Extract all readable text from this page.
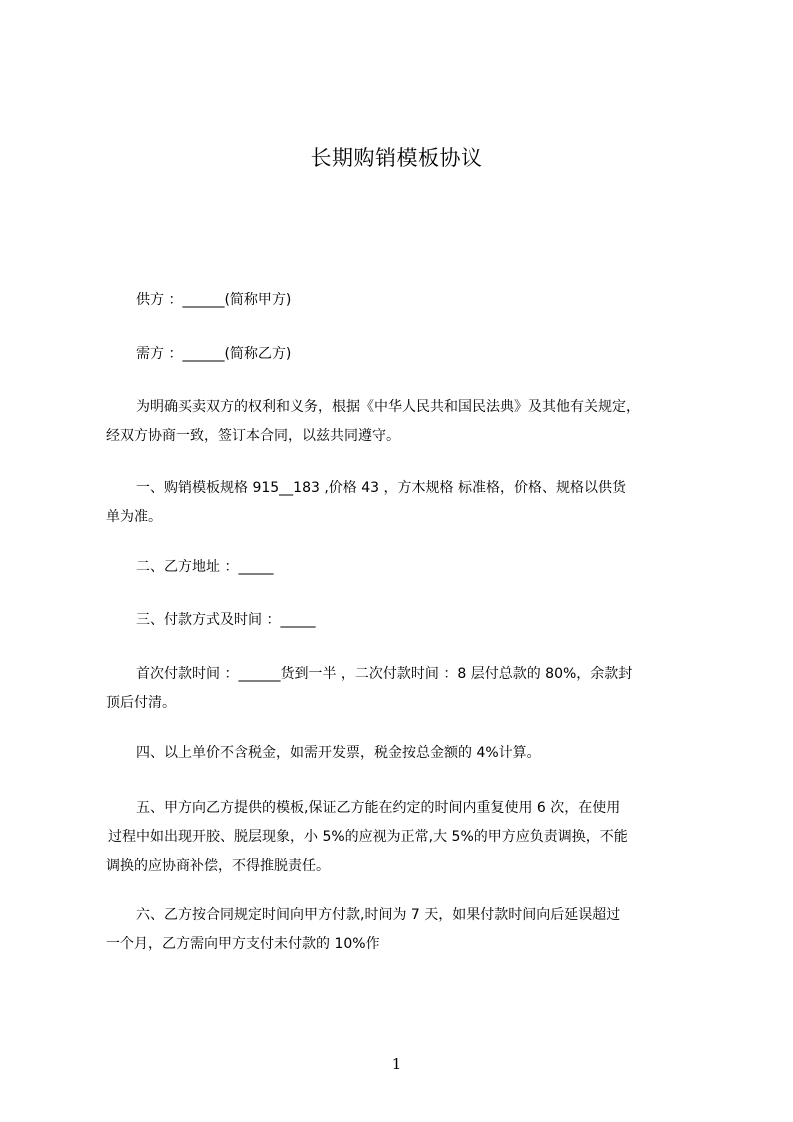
长期购销模板协议
供方 ：______(简称甲方)
需方 ：______(简称乙方)
为明确买卖双方的权利和义务，根据《中华人民共和国民法典》及其他有关规定，
经双方协商一致，签订本合同，以兹共同遵守。
一、购销模板规格 915__183 ,价格 43 ，方木规格 标准格，价格、规格以供货
单为准。
二、乙方地址 ：_____
三、付款方式及时间 ：_____
首次付款时间 ：______货到一半 ，二次付款时间 ：8 层付总款的 80%，余款封
顶后付清。
四、以上单价不含税金，如需开发票，税金按总金额的 4%计算。
五、甲方向乙方提供的模板,保证乙方能在约定的时间内重复使用 6 次，在使用
过程中如出现开胶、脱层现象，小 5%的应视为正常,大 5%的甲方应负责调换，不能
调换的应协商补偿，不得推脱责任。
六、乙方按合同规定时间向甲方付款,时间为 7 天，如果付款时间向后延误超过
一个月，乙方需向甲方支付未付款的 10%作
1
